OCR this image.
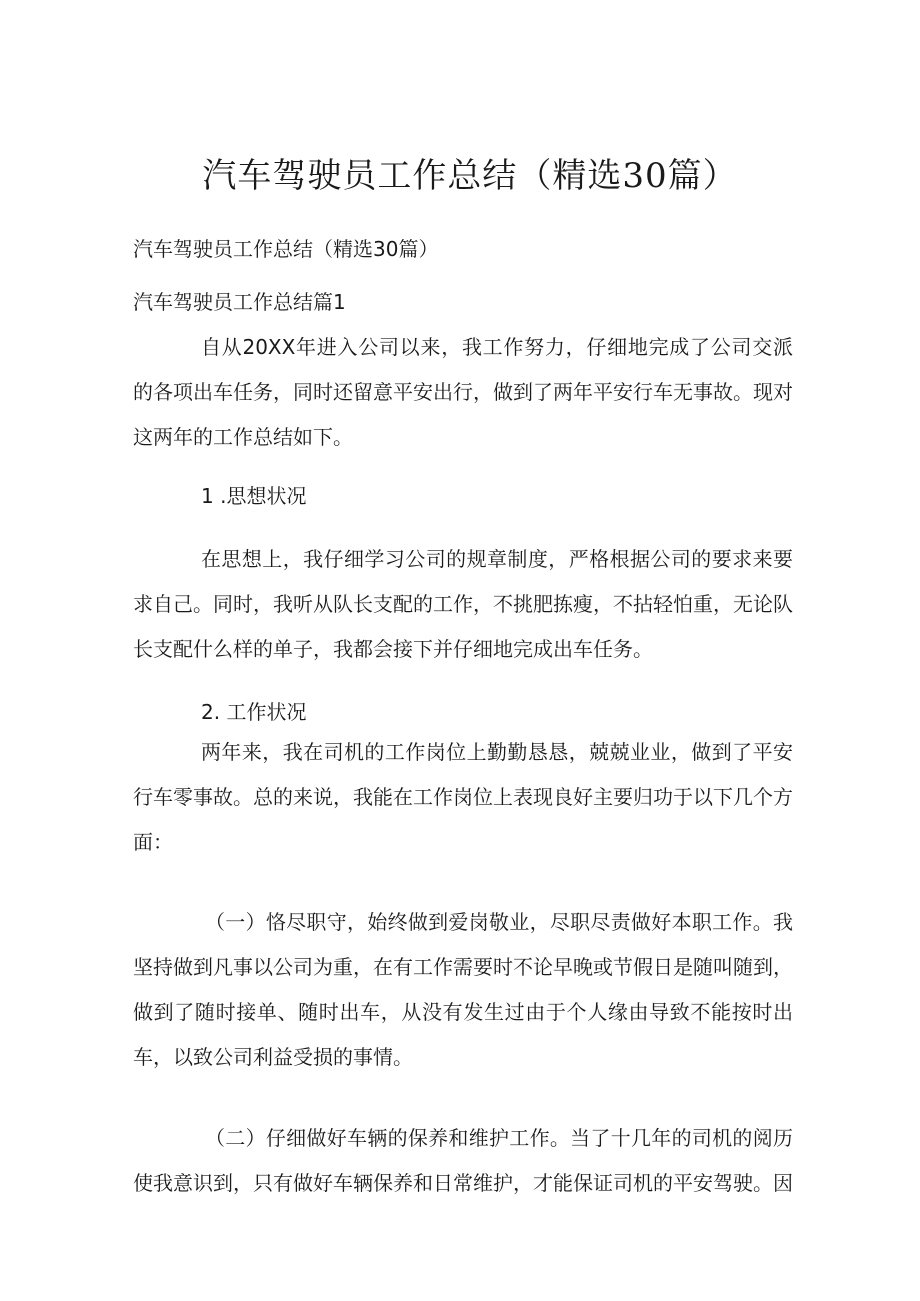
汽车驾驶员工作总结（精选30篇）

汽车驾驶员工作总结（精选30篇）

汽车驾驶员工作总结篇1

自从20XX年进入公司以来，我工作努力，仔细地完成了公司交派的各项出车任务，同时还留意平安出行，做到了两年平安行车无事故。现对这两年的工作总结如下。

1 .思想状况

在思想上，我仔细学习公司的规章制度，严格根据公司的要求来要求自己。同时，我听从队长支配的工作，不挑肥拣瘦，不拈轻怕重，无论队长支配什么样的单子，我都会接下并仔细地完成出车任务。

2. 工作状况

两年来，我在司机的工作岗位上勤勤恳恳，兢兢业业，做到了平安行车零事故。总的来说，我能在工作岗位上表现良好主要归功于以下几个方面：

（一）恪尽职守，始终做到爱岗敬业，尽职尽责做好本职工作。我坚持做到凡事以公司为重，在有工作需要时不论早晚或节假日是随叫随到，做到了随时接单、随时出车，从没有发生过由于个人缘由导致不能按时出车，以致公司利益受损的事情。

（二）仔细做好车辆的保养和维护工作。当了十几年的司机的阅历使我意识到，只有做好车辆保养和日常维护，才能保证司机的平安驾驶。因
